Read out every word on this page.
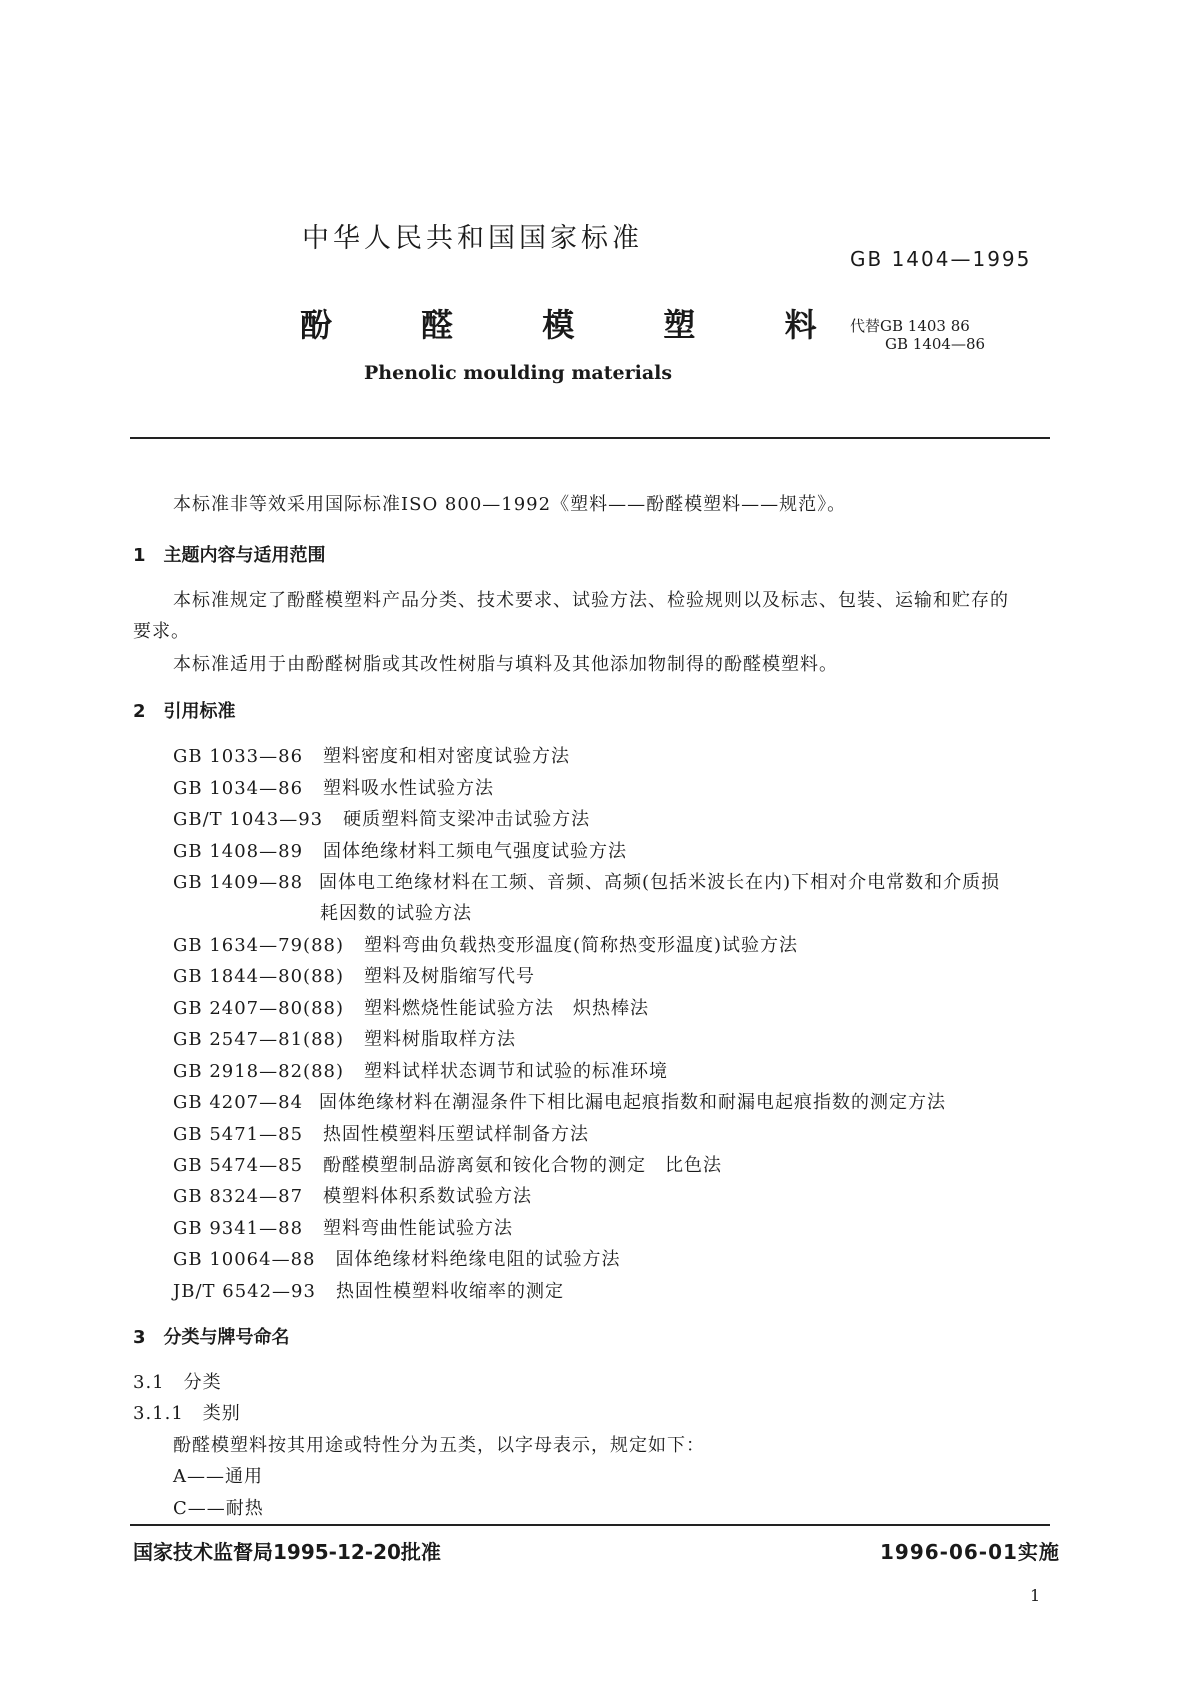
中华人民共和国国家标准
GB 1404—1995
酚 醛 模 塑 料 代替GB 1403 86
GB 1404—86
Phenolic moulding materials
本标准非等效采用国际标准ISO 800—1992《塑料——酚醛模塑料——规范》。
1　主题内容与适用范围
本标准规定了酚醛模塑料产品分类、技术要求、试验方法、检验规则以及标志、包装、运输和贮存的
要求。
本标准适用于由酚醛树脂或其改性树脂与填料及其他添加物制得的酚醛模塑料。
2　引用标准
GB 1033—86 塑料密度和相对密度试验方法
GB 1034—86 塑料吸水性试验方法
GB/T 1043—93 硬质塑料简支梁冲击试验方法
GB 1408—89 固体绝缘材料工频电气强度试验方法
GB 1409—88 固体电工绝缘材料在工频、音频、高频(包括米波长在内)下相对介电常数和介质损
耗因数的试验方法
GB 1634—79(88) 塑料弯曲负载热变形温度(简称热变形温度)试验方法
GB 1844—80(88) 塑料及树脂缩写代号
GB 2407—80(88) 塑料燃烧性能试验方法　炽热棒法
GB 2547—81(88) 塑料树脂取样方法
GB 2918—82(88) 塑料试样状态调节和试验的标准环境
GB 4207—84 固体绝缘材料在潮湿条件下相比漏电起痕指数和耐漏电起痕指数的测定方法
GB 5471—85 热固性模塑料压塑试样制备方法
GB 5474—85 酚醛模塑制品游离氨和铵化合物的测定　比色法
GB 8324—87 模塑料体积系数试验方法
GB 9341—88 塑料弯曲性能试验方法
GB 10064—88 固体绝缘材料绝缘电阻的试验方法
JB/T 6542—93 热固性模塑料收缩率的测定
3　分类与牌号命名
3.1　分类
3.1.1　类别
酚醛模塑料按其用途或特性分为五类，以字母表示，规定如下：
A——通用
C——耐热
国家技术监督局1995-12-20批准	1996-06-01实施
1
